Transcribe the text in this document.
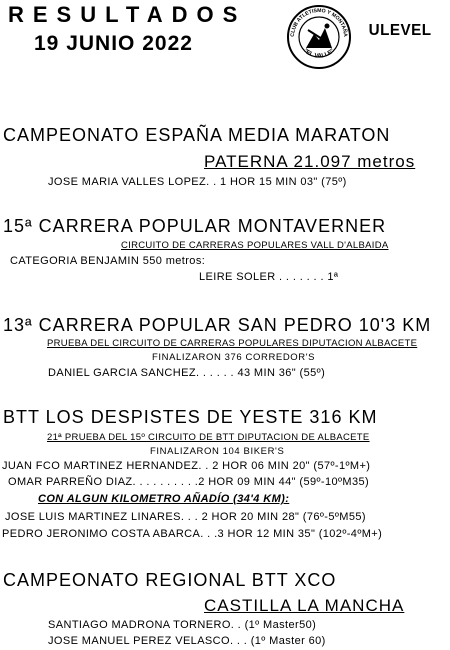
RESULTADOS
19 JUNIO 2022	CLUB ATLETISMO Y MONTAÑA
"EL VALLE"
ULEVEL
CAMPEONATO ESPAÑA MEDIA MARATON
PATERNA 21.097 metros
JOSE MARIA VALLES LOPEZ. . 1 HOR 15 MIN 03" (75º)
15ª CARRERA POPULAR MONTAVERNER
CIRCUITO DE CARRERAS POPULARES VALL D'ALBAIDA
CATEGORIA BENJAMIN 550 metros:
LEIRE SOLER . . . . . . . 1ª
13ª CARRERA POPULAR SAN PEDRO 10'3 KM
PRUEBA DEL CIRCUITO DE CARRERAS POPULARES DIPUTACION ALBACETE
FINALIZARON 376 CORREDOR'S
DANIEL GARCIA SANCHEZ. . . . . . 43 MIN 36" (55º)
BTT LOS DESPISTES DE YESTE 316 KM
21ª PRUEBA DEL 15º CIRCUITO DE BTT DIPUTACION DE ALBACETE
FINALIZARON 104 BIKER'S
JUAN FCO MARTINEZ HERNANDEZ. . 2 HOR 06 MIN 20" (57º-1ºM+)
OMAR PARREÑO DIAZ. . . . . . . . . .2 HOR 09 MIN 44" (59º-10ºM35)
CON ALGUN KILOMETRO AÑADÍO (34'4 KM):
JOSE LUIS MARTINEZ LINARES. . . 2 HOR 20 MIN 28" (76º-5ºM55)
PEDRO JERONIMO COSTA ABARCA. . .3 HOR 12 MIN 35" (102º-4ºM+)
CAMPEONATO REGIONAL BTT XCO
CASTILLA LA MANCHA
SANTIAGO MADRONA TORNERO. . (1º Master50)
JOSE MANUEL PEREZ VELASCO. . . (1º Master 60)
